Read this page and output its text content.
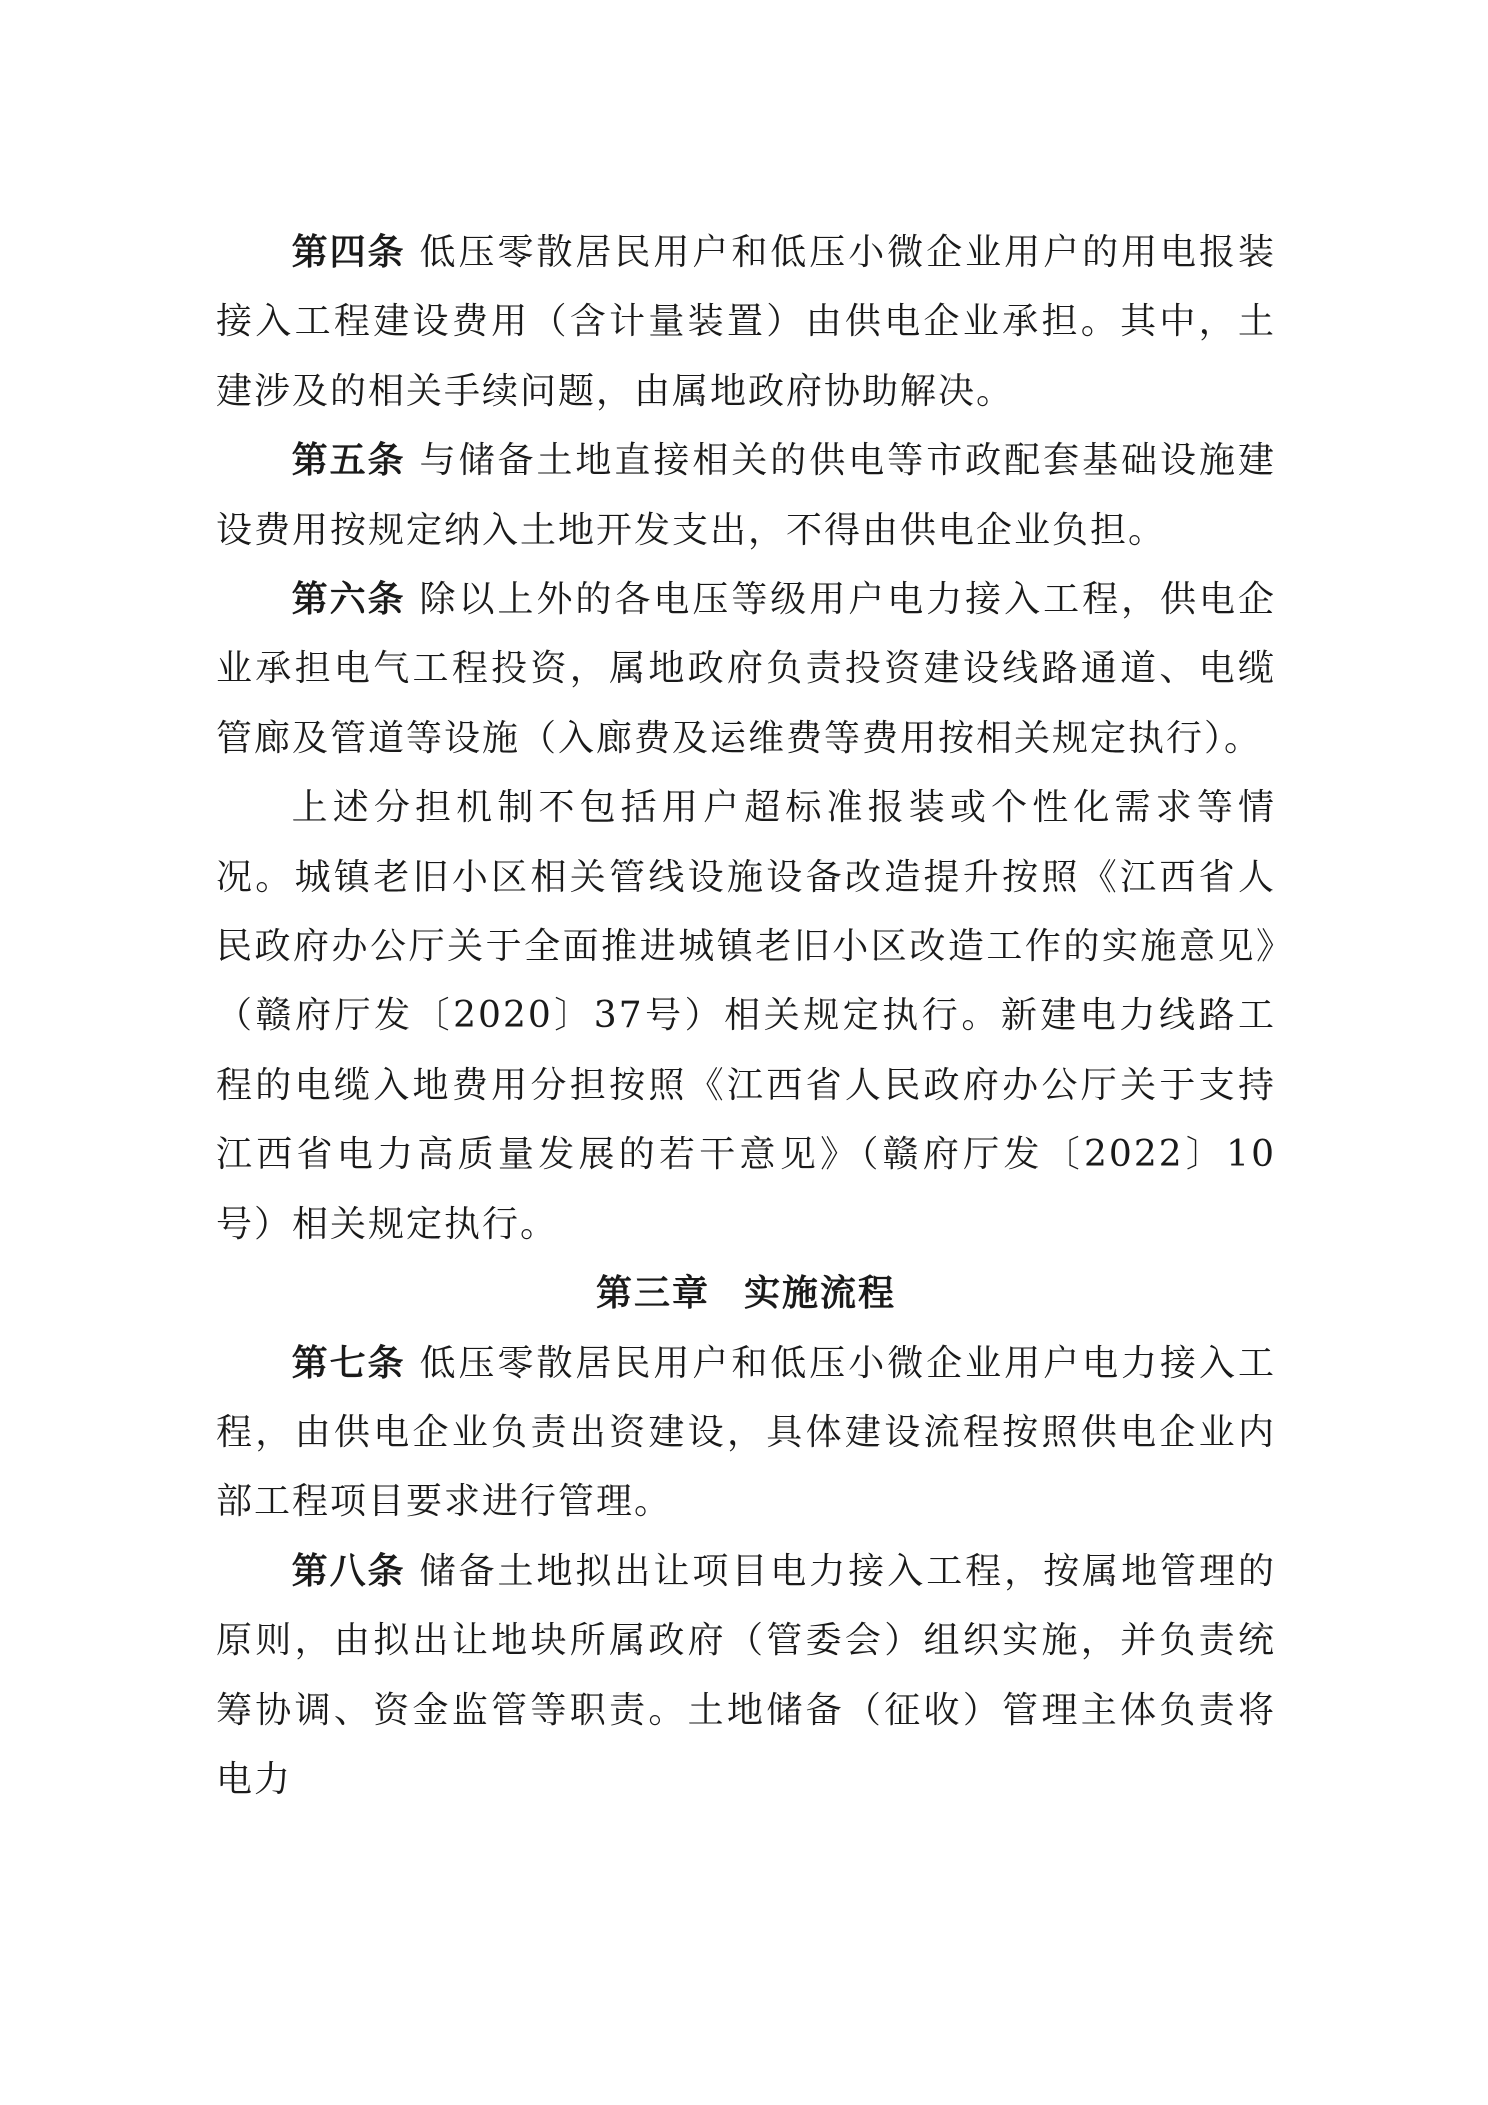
第四条 低压零散居民用户和低压小微企业用户的用电报装接入工程建设费用（含计量装置）由供电企业承担。其中，土建涉及的相关手续问题，由属地政府协助解决。

第五条 与储备土地直接相关的供电等市政配套基础设施建设费用按规定纳入土地开发支出，不得由供电企业负担。

第六条 除以上外的各电压等级用户电力接入工程，供电企业承担电气工程投资，属地政府负责投资建设线路通道、电缆管廊及管道等设施（入廊费及运维费等费用按相关规定执行）。

上述分担机制不包括用户超标准报装或个性化需求等情况。城镇老旧小区相关管线设施设备改造提升按照《江西省人民政府办公厅关于全面推进城镇老旧小区改造工作的实施意见》（赣府厅发〔2020〕37号）相关规定执行。新建电力线路工程的电缆入地费用分担按照《江西省人民政府办公厅关于支持江西省电力高质量发展的若干意见》（赣府厅发〔2022〕10号）相关规定执行。

第三章 实施流程

第七条 低压零散居民用户和低压小微企业用户电力接入工程，由供电企业负责出资建设，具体建设流程按照供电企业内部工程项目要求进行管理。

第八条 储备土地拟出让项目电力接入工程，按属地管理的原则，由拟出让地块所属政府（管委会）组织实施，并负责统筹协调、资金监管等职责。土地储备（征收）管理主体负责将电力
